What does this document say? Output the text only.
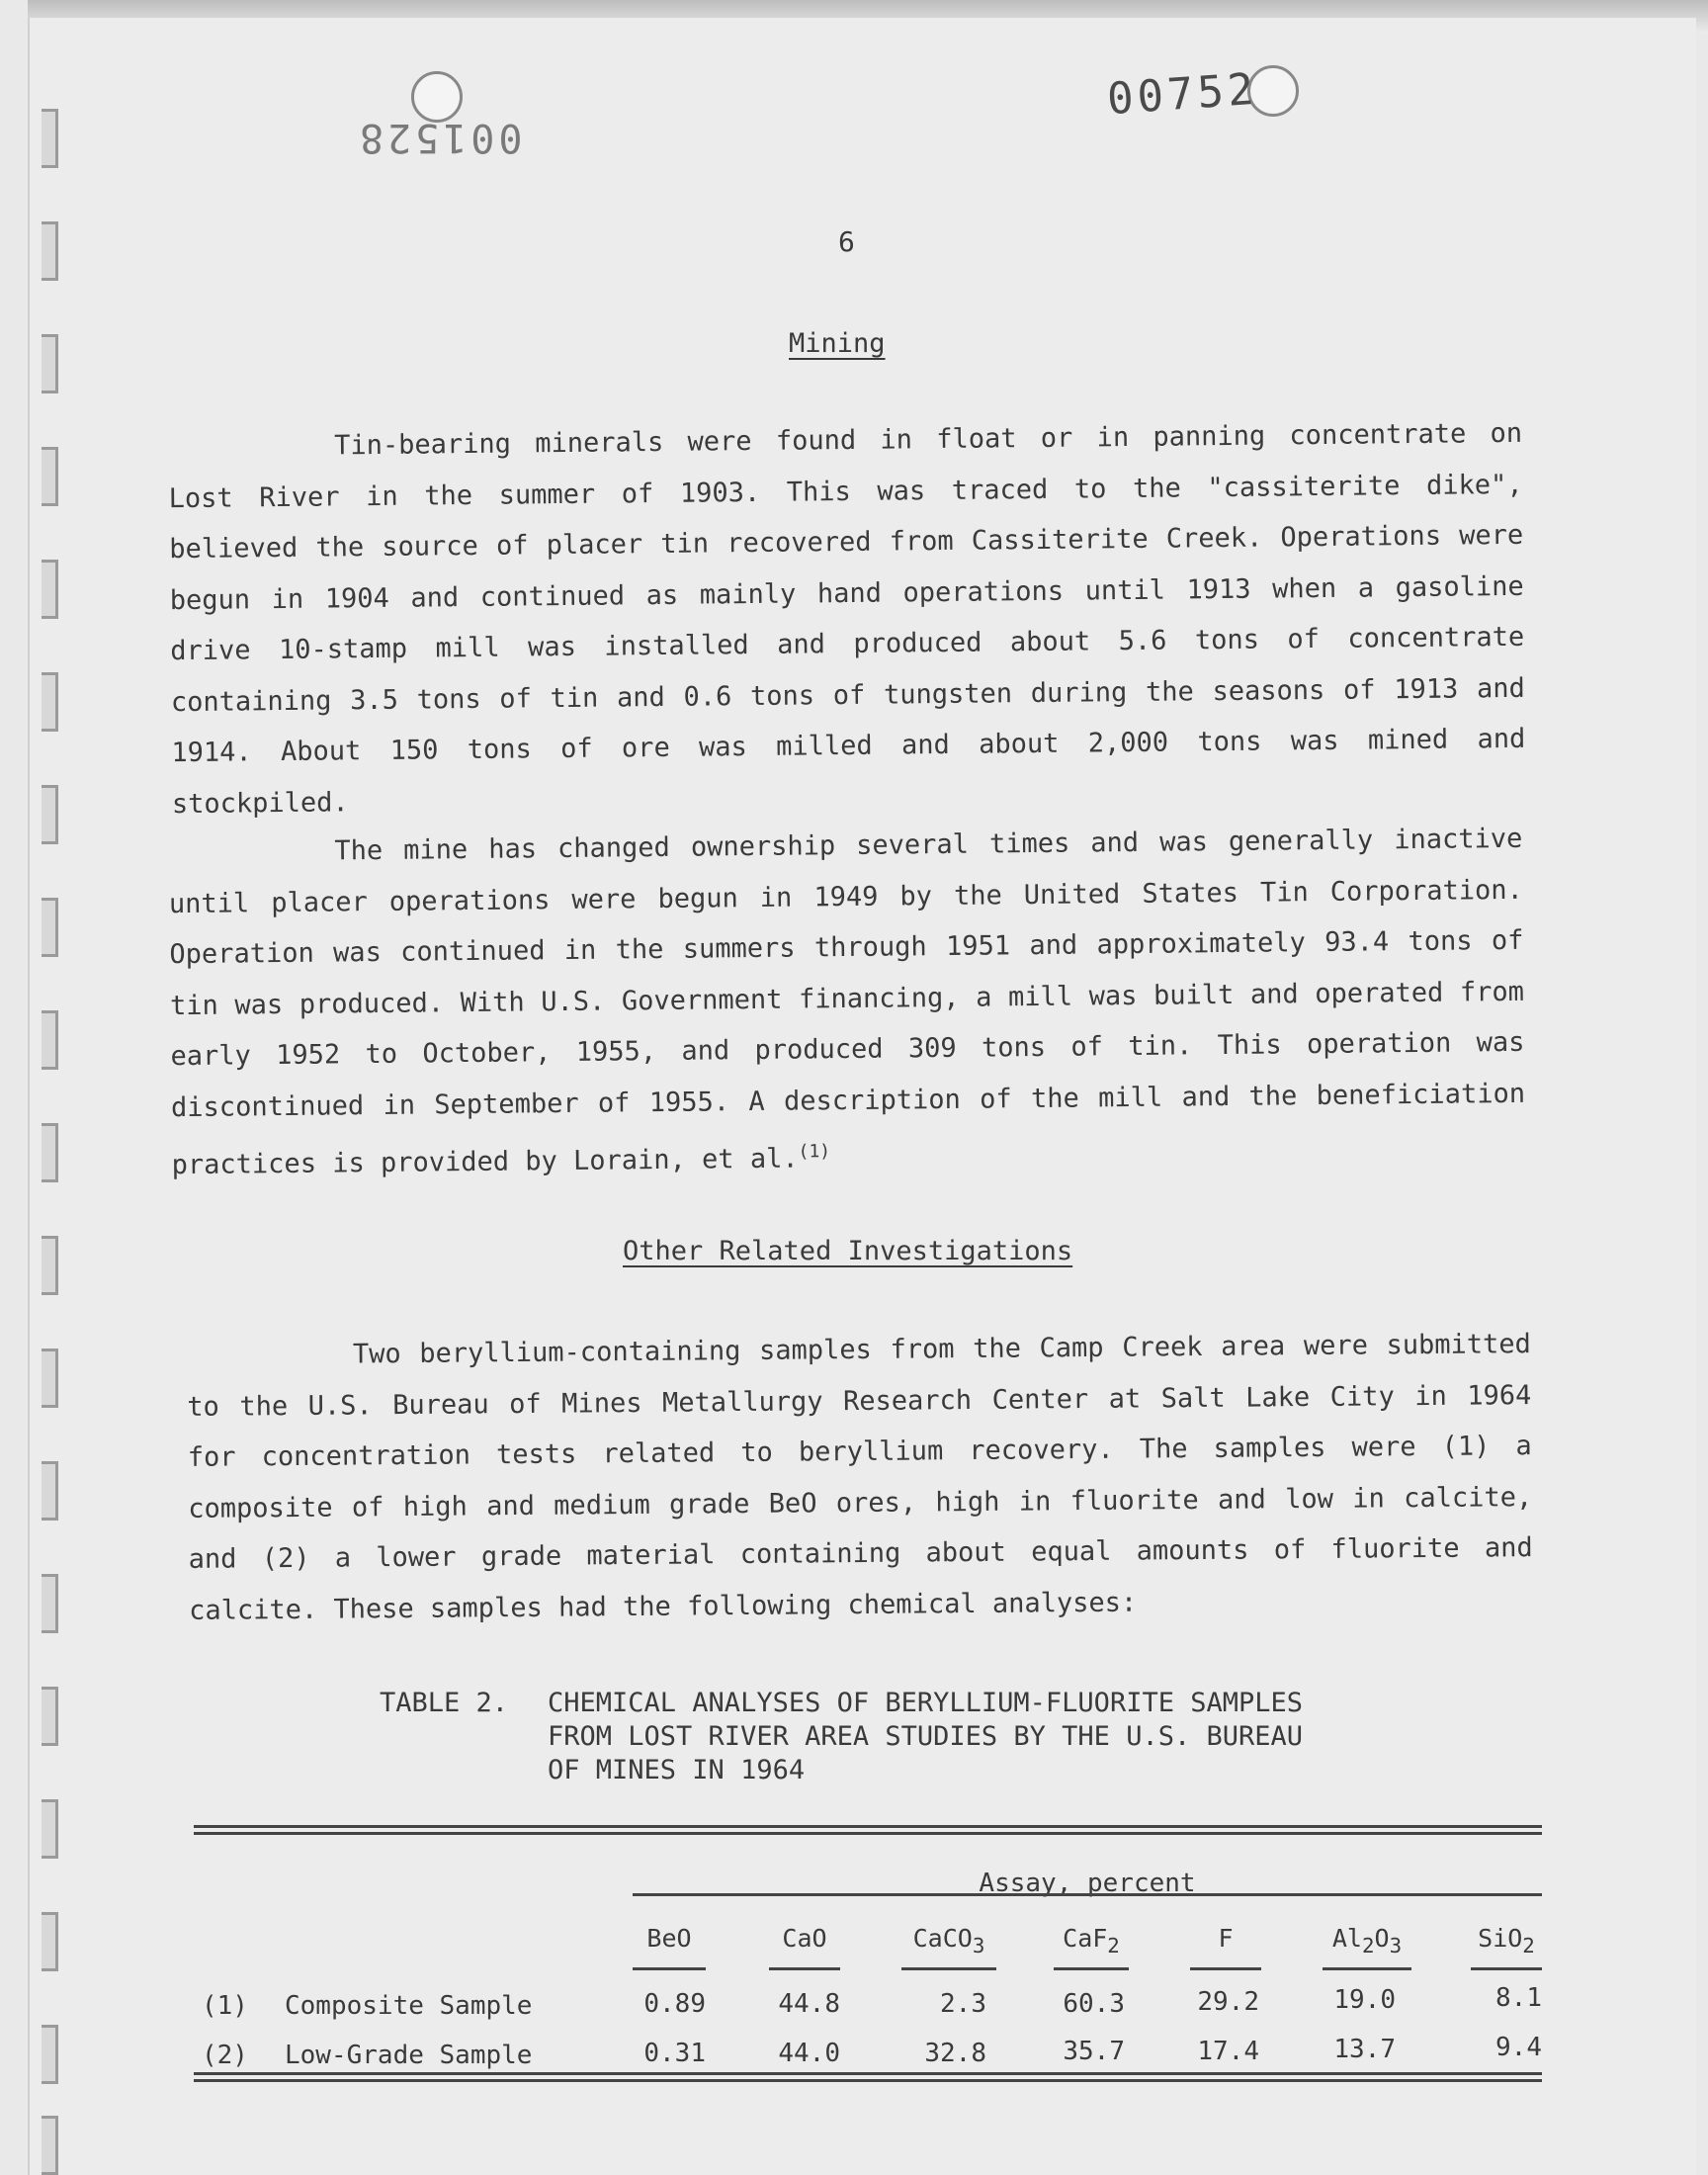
001528
00752
6
Mining

Tin-bearing minerals were found in float or in panning concentrate on Lost River in the summer of 1903. This was traced to the "cassiterite dike", believed the source of placer tin recovered from Cassiterite Creek. Operations were begun in 1904 and continued as mainly hand operations until 1913 when a gasoline drive 10-stamp mill was installed and produced about 5.6 tons of concentrate containing 3.5 tons of tin and 0.6 tons of tungsten during the seasons of 1913 and 1914. About 150 tons of ore was milled and about 2,000 tons was mined and stockpiled.

The mine has changed ownership several times and was generally inactive until placer operations were begun in 1949 by the United States Tin Corporation. Operation was continued in the summers through 1951 and approximately 93.4 tons of tin was produced. With U.S. Government financing, a mill was built and operated from early 1952 to October, 1955, and produced 309 tons of tin. This operation was discontinued in September of 1955. A description of the mill and the beneficiation practices is provided by Lorain, et al.$^{(1)}$

Other Related Investigations

Two beryllium-containing samples from the Camp Creek area were submitted to the U.S. Bureau of Mines Metallurgy Research Center at Salt Lake City in 1964 for concentration tests related to beryllium recovery. The samples were (1) a composite of high and medium grade BeO ores, high in fluorite and low in calcite, and (2) a lower grade material containing about equal amounts of fluorite and calcite. These samples had the following chemical analyses:

TABLE 2. CHEMICAL ANALYSES OF BERYLLIUM-FLUORITE SAMPLES
FROM LOST RIVER AREA STUDIES BY THE U.S. BUREAU
OF MINES IN 1964
Assay, percent
BeO	CaO	CaCO$_3$	CaF$_2$	F	$Al_2O_3$	SiO$_2$
(1) Composite Sample	0.89	44.8	2.3	60.3	29.2	19.0	8.1
(2) Low-Grade Sample	0.31	44.0	32.8	35.7	17.4	13.7	9.4
